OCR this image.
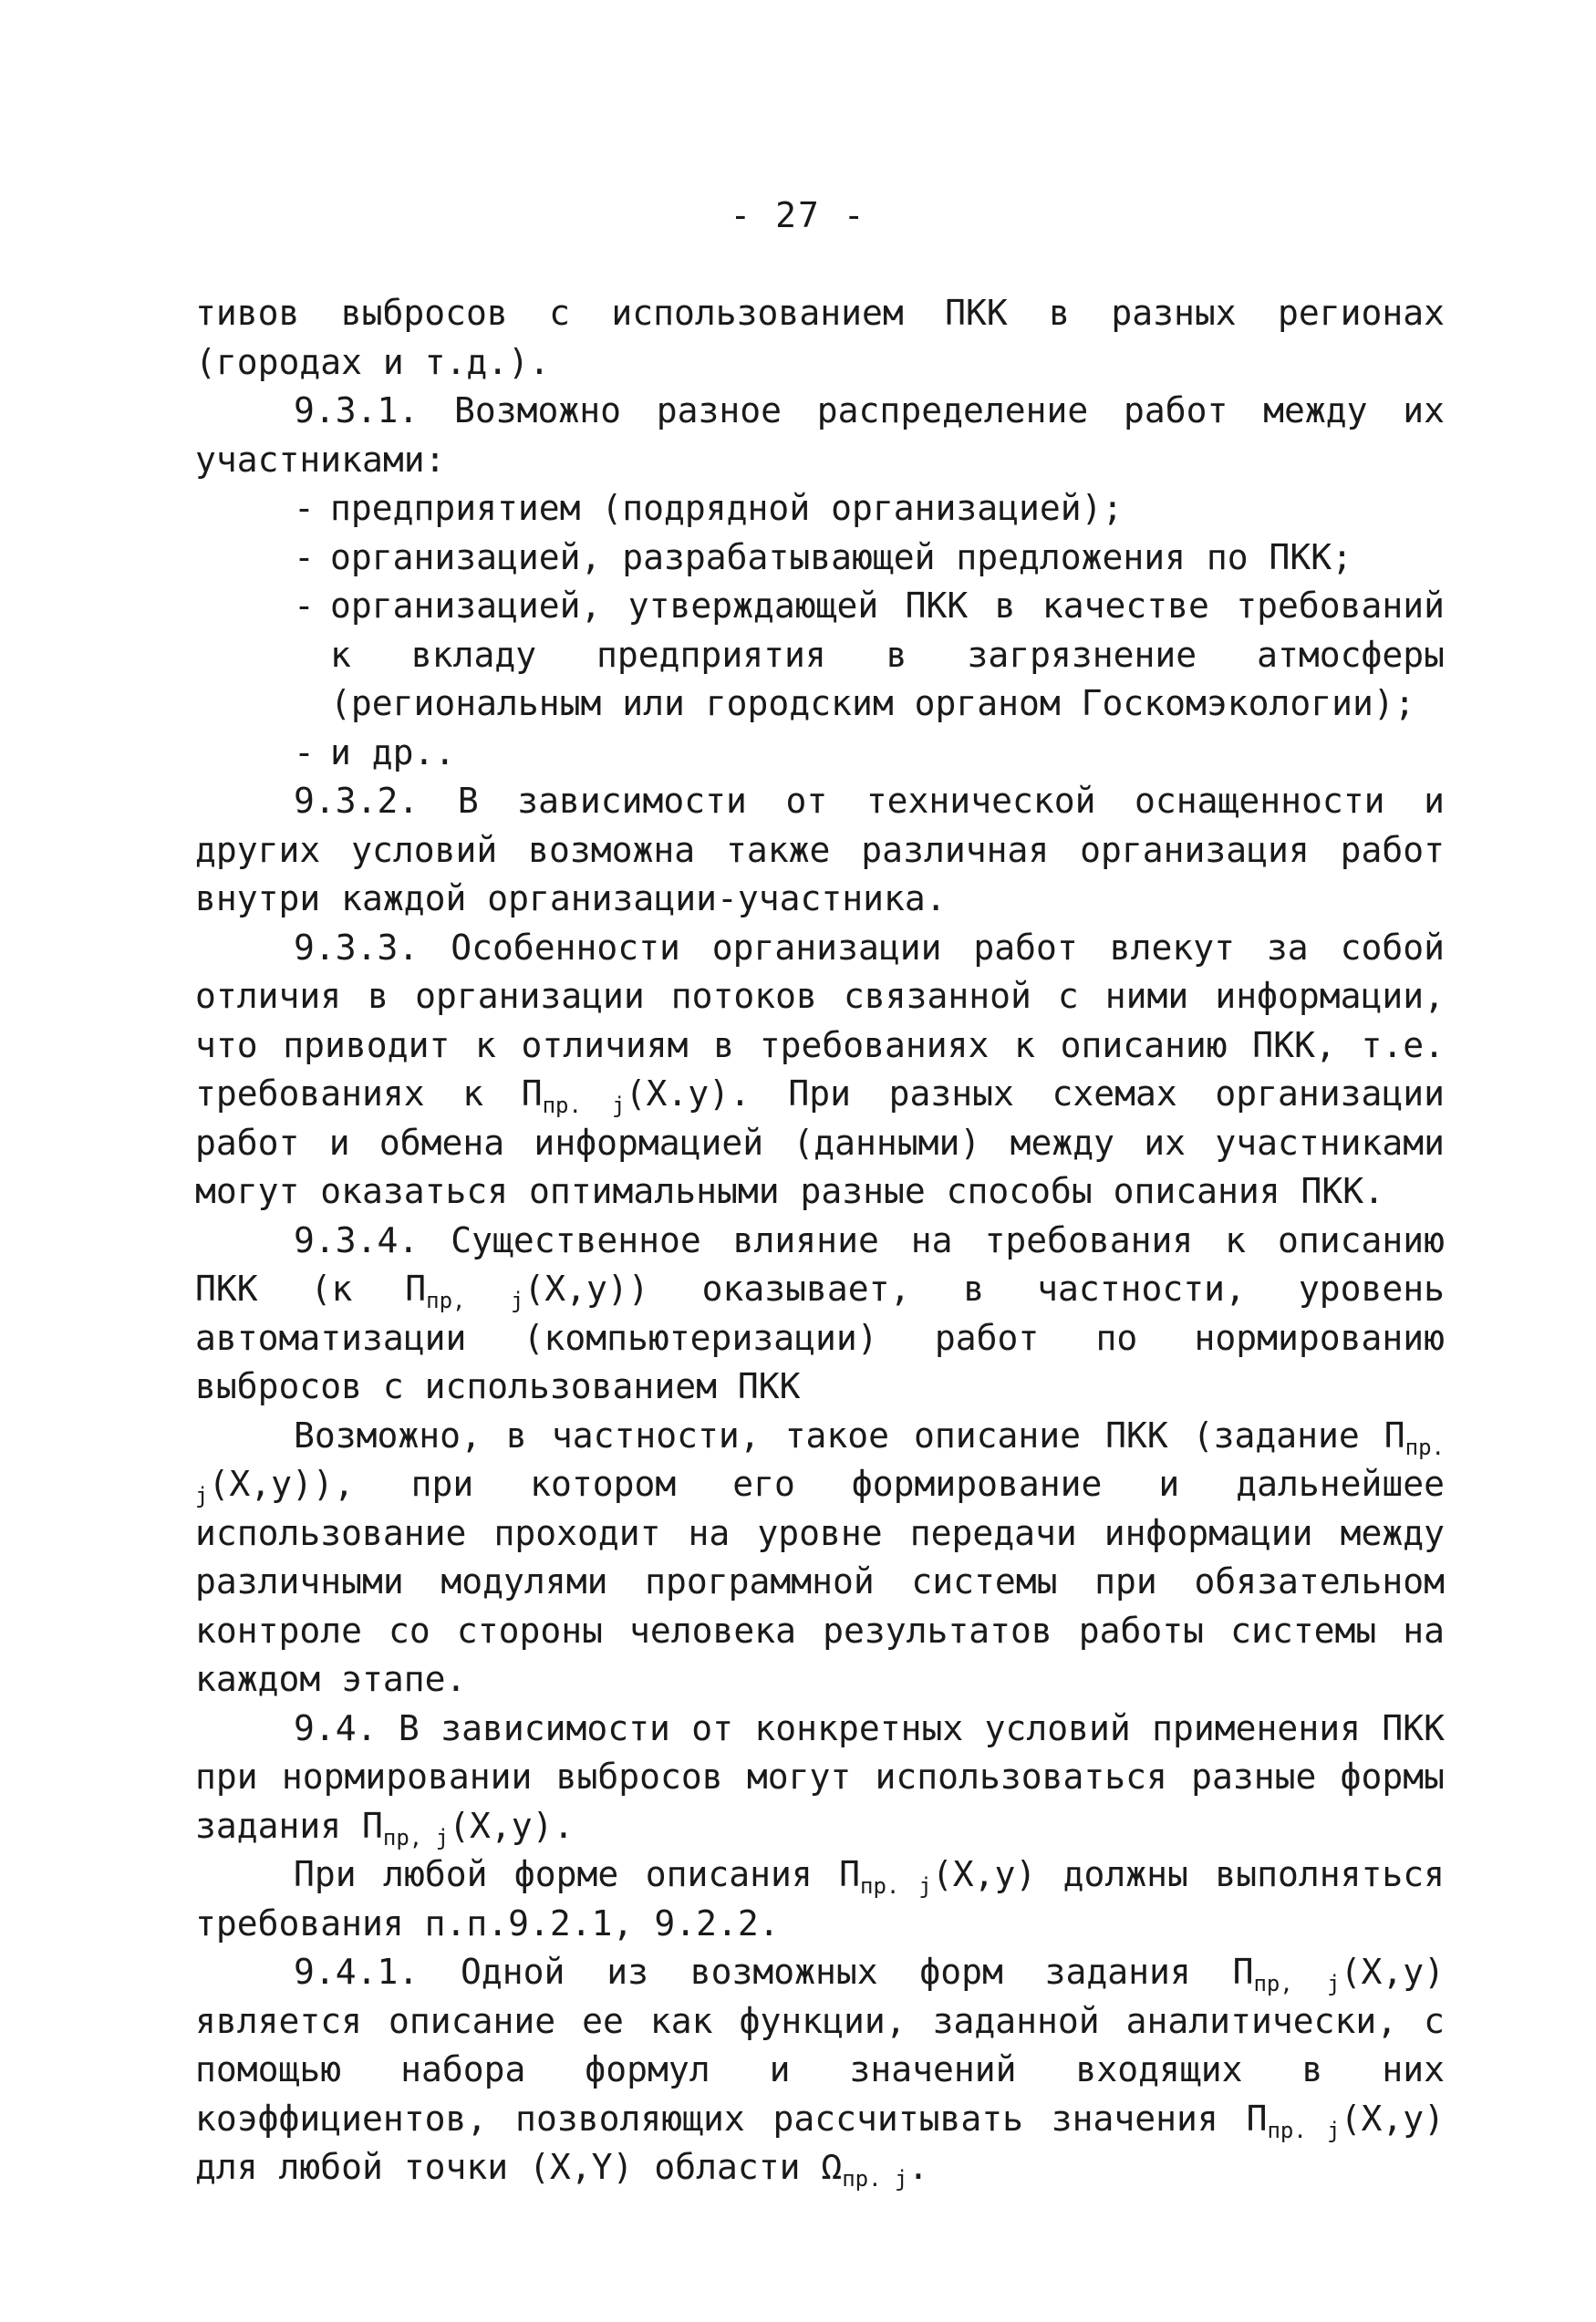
- 27 -

тивов выбросов с использованием ПКК в разных регионах (городах и т.д.).

9.3.1. Возможно разное распределение работ между их участниками:

- предприятием (подрядной организацией);

- организацией, разрабатывающей предложения по ПКК;

- организацией, утверждающей ПКК в качестве требований к вкладу предприятия в загрязнение атмосферы (региональным или городским органом Госкомэкологии);

- и др..

9.3.2. В зависимости от технической оснащенности и других условий возможна также различная организация работ внутри каждой организации-участника.

9.3.3. Особенности организации работ влекут за собой отличия в организации потоков связанной с ними информации, что приводит к отличиям в требованиях к описанию ПКК, т.е. требованиях к $П_{пр. j}(Х.у)$. При разных схемах организации работ и обмена информацией (данными) между их участниками могут оказаться оптимальными разные способы описания ПКК.

9.3.4. Существенное влияние на требования к описанию ПКК (к $П_{пр, j}(Х,у)$) оказывает, в частности, уровень автоматизации (компьютеризации) работ по нормированию выбросов с использованием ПКК

Возможно, в частности, такое описание ПКК (задание $П_{пр. j}(Х,у)$), при котором его формирование и дальнейшее использование проходит на уровне передачи информации между различными модулями программной системы при обязательном контроле со стороны человека результатов работы системы на каждом этапе.

9.4. В зависимости от конкретных условий применения ПКК при нормировании выбросов могут использоваться разные формы задания $П_{пр, j}(Х,у)$.

При любой форме описания $П_{пр. j}(Х,у)$ должны выполняться требования п.п.9.2.1, 9.2.2.

9.4.1. Одной из возможных форм задания $П_{пр, j}(Х,у)$ является описание ее как функции, заданной аналитически, с помощью набора формул и значений входящих в них коэффициентов, позволяющих рассчитывать значения $П_{пр. j}(Х,у)$ для любой точки (X,Y) области $\Omega_{пр. j}$.
